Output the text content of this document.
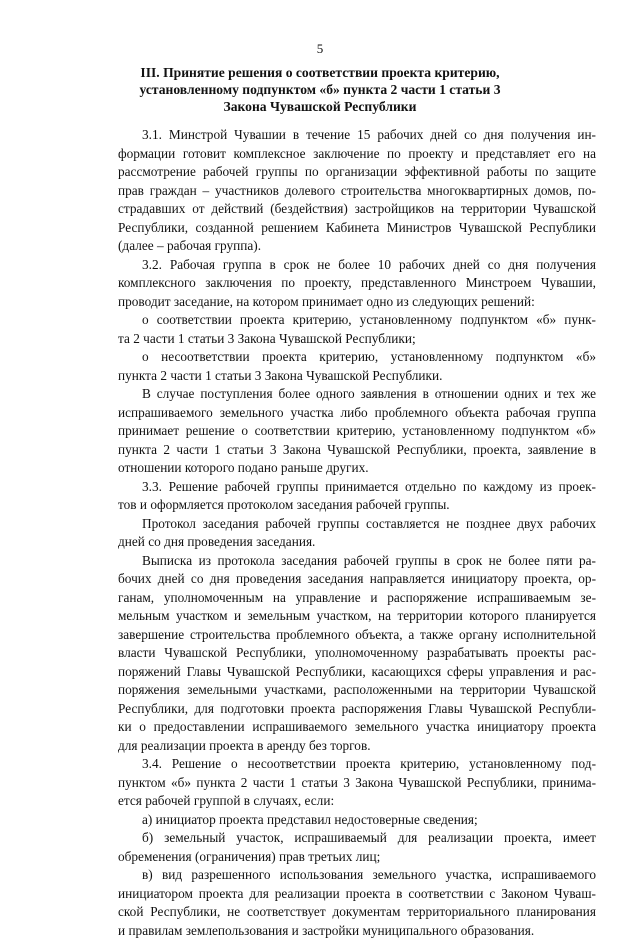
5
III. Принятие решения о соответствии проекта критерию,
установленному подпунктом «б» пункта 2 части 1 статьи 3
Закона Чувашской Республики
3.1. Минстрой Чувашии в течение 15 рабочих дней со дня получения ин-
формации готовит комплексное заключение по проекту и представляет его на
рассмотрение рабочей группы по организации эффективной работы по защите
прав граждан – участников долевого строительства многоквартирных домов, по-
страдавших от действий (бездействия) застройщиков на территории Чувашской
Республики, созданной решением Кабинета Министров Чувашской Республики
(далее – рабочая группа).
3.2. Рабочая группа в срок не более 10 рабочих дней со дня получения
комплексного заключения по проекту, представленного Минстроем Чувашии,
проводит заседание, на котором принимает одно из следующих решений:
о соответствии проекта критерию, установленному подпунктом «б» пунк-
та 2 части 1 статьи 3 Закона Чувашской Республики;
о несоответствии проекта критерию, установленному подпунктом «б»
пункта 2 части 1 статьи 3 Закона Чувашской Республики.
В случае поступления более одного заявления в отношении одних и тех же
испрашиваемого земельного участка либо проблемного объекта рабочая группа
принимает решение о соответствии критерию, установленному подпунктом «б»
пункта 2 части 1 статьи 3 Закона Чувашской Республики, проекта, заявление в
отношении которого подано раньше других.
3.3. Решение рабочей группы принимается отдельно по каждому из проек-
тов и оформляется протоколом заседания рабочей группы.
Протокол заседания рабочей группы составляется не позднее двух рабочих
дней со дня проведения заседания.
Выписка из протокола заседания рабочей группы в срок не более пяти ра-
бочих дней со дня проведения заседания направляется инициатору проекта, ор-
ганам, уполномоченным на управление и распоряжение испрашиваемым зе-
мельным участком и земельным участком, на территории которого планируется
завершение строительства проблемного объекта, а также органу исполнительной
власти Чувашской Республики, уполномоченному разрабатывать проекты рас-
поряжений Главы Чувашской Республики, касающихся сферы управления и рас-
поряжения земельными участками, расположенными на территории Чувашской
Республики, для подготовки проекта распоряжения Главы Чувашской Республи-
ки о предоставлении испрашиваемого земельного участка инициатору проекта
для реализации проекта в аренду без торгов.
3.4. Решение о несоответствии проекта критерию, установленному под-
пунктом «б» пункта 2 части 1 статьи 3 Закона Чувашской Республики, принима-
ется рабочей группой в случаях, если:
а) инициатор проекта представил недостоверные сведения;
б) земельный участок, испрашиваемый для реализации проекта, имеет
обременения (ограничения) прав третьих лиц;
в) вид разрешенного использования земельного участка, испрашиваемого
инициатором проекта для реализации проекта в соответствии с Законом Чуваш-
ской Республики, не соответствует документам территориального планирования
и правилам землепользования и застройки муниципального образования.
